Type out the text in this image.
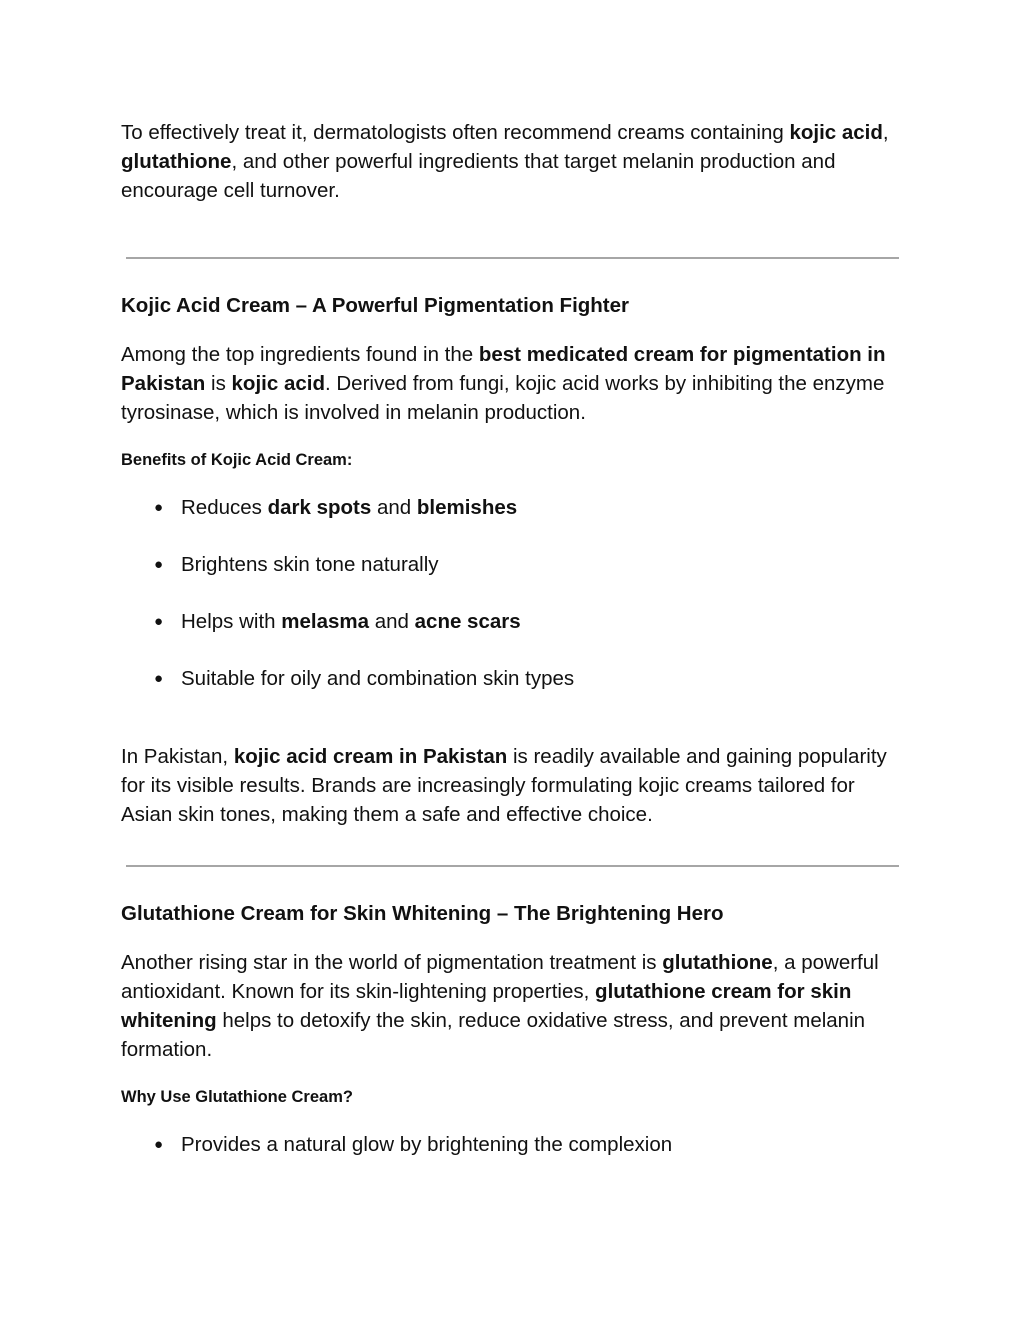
To effectively treat it, dermatologists often recommend creams containing kojic acid, glutathione, and other powerful ingredients that target melanin production and encourage cell turnover.

Kojic Acid Cream – A Powerful Pigmentation Fighter

Among the top ingredients found in the best medicated cream for pigmentation in Pakistan is kojic acid. Derived from fungi, kojic acid works by inhibiting the enzyme tyrosinase, which is involved in melanin production.

Benefits of Kojic Acid Cream:
● Reduces dark spots and blemishes
● Brightens skin tone naturally
● Helps with melasma and acne scars
● Suitable for oily and combination skin types

In Pakistan, kojic acid cream in Pakistan is readily available and gaining popularity for its visible results. Brands are increasingly formulating kojic creams tailored for Asian skin tones, making them a safe and effective choice.

Glutathione Cream for Skin Whitening – The Brightening Hero

Another rising star in the world of pigmentation treatment is glutathione, a powerful antioxidant. Known for its skin-lightening properties, glutathione cream for skin whitening helps to detoxify the skin, reduce oxidative stress, and prevent melanin formation.

Why Use Glutathione Cream?
● Provides a natural glow by brightening the complexion
